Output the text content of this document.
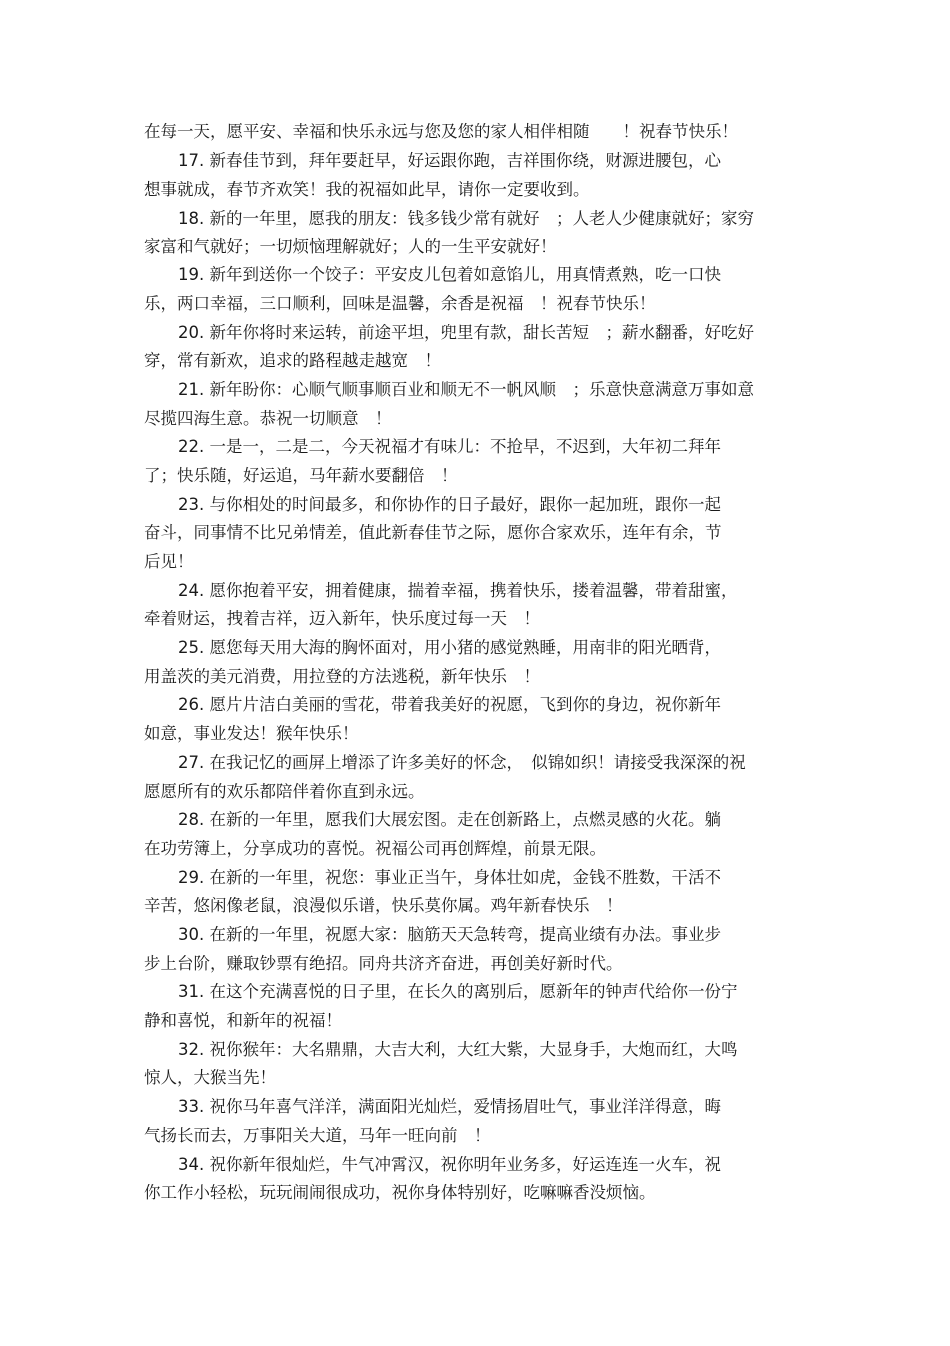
在每一天，愿平安、幸福和快乐永远与您及您的家人相伴相随　　！祝春节快乐！
17. 新春佳节到，拜年要赶早，好运跟你跑，吉祥围你绕，财源进腰包，心
想事就成，春节齐欢笑！我的祝福如此早，请你一定要收到。
18. 新的一年里，愿我的朋友：钱多钱少常有就好　；人老人少健康就好；家穷
家富和气就好；一切烦恼理解就好；人的一生平安就好！
19. 新年到送你一个饺子：平安皮儿包着如意馅儿，用真情煮熟，吃一口快
乐，两口幸福，三口顺利，回味是温馨，余香是祝福　！祝春节快乐！
20. 新年你将时来运转，前途平坦，兜里有款，甜长苦短　；薪水翻番，好吃好
穿，常有新欢，追求的路程越走越宽　！
21. 新年盼你：心顺气顺事顺百业和顺无不一帆风顺　；乐意快意满意万事如意
尽揽四海生意。恭祝一切顺意　！
22. 一是一，二是二，今天祝福才有味儿：不抢早，不迟到，大年初二拜年
了；快乐随，好运追，马年薪水要翻倍　！
23. 与你相处的时间最多，和你协作的日子最好，跟你一起加班，跟你一起
奋斗，同事情不比兄弟情差，值此新春佳节之际，愿你合家欢乐，连年有余，节
后见！
24. 愿你抱着平安，拥着健康，揣着幸福，携着快乐，搂着温馨，带着甜蜜，
牵着财运，拽着吉祥，迈入新年，快乐度过每一天　！
25. 愿您每天用大海的胸怀面对，用小猪的感觉熟睡，用南非的阳光晒背，
用盖茨的美元消费，用拉登的方法逃税，新年快乐　！
26. 愿片片洁白美丽的雪花，带着我美好的祝愿，飞到你的身边，祝你新年
如意，事业发达！猴年快乐！
27. 在我记忆的画屏上增添了许多美好的怀念，　似锦如织！请接受我深深的祝
愿愿所有的欢乐都陪伴着你直到永远。
28. 在新的一年里，愿我们大展宏图。走在创新路上，点燃灵感的火花。躺
在功劳簿上，分享成功的喜悦。祝福公司再创辉煌，前景无限。
29. 在新的一年里，祝您：事业正当午，身体壮如虎，金钱不胜数，干活不
辛苦，悠闲像老鼠，浪漫似乐谱，快乐莫你属。鸡年新春快乐　！
30. 在新的一年里，祝愿大家：脑筋天天急转弯，提高业绩有办法。事业步
步上台阶，赚取钞票有绝招。同舟共济齐奋进，再创美好新时代。
31. 在这个充满喜悦的日子里，在长久的离别后，愿新年的钟声代给你一份宁
静和喜悦，和新年的祝福！
32. 祝你猴年：大名鼎鼎，大吉大利，大红大紫，大显身手，大炮而红，大鸣
惊人，大猴当先！
33. 祝你马年喜气洋洋，满面阳光灿烂，爱情扬眉吐气，事业洋洋得意，晦
气扬长而去，万事阳关大道，马年一旺向前　！
34. 祝你新年很灿烂，牛气冲霄汉，祝你明年业务多，好运连连一火车，祝
你工作小轻松，玩玩闹闹很成功，祝你身体特别好，吃嘛嘛香没烦恼。
